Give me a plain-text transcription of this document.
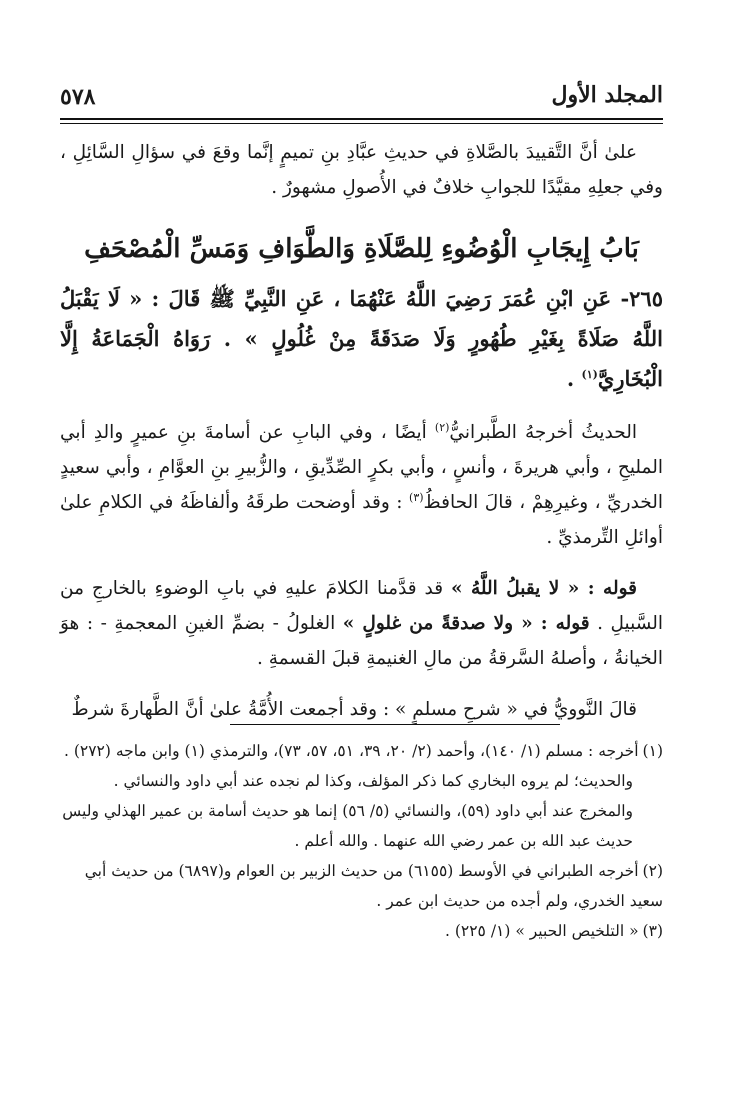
المجلد الأول
٥٧٨

علىٰ أنَّ التَّقييدَ بالصَّلاةِ في حديثِ عبَّادِ بنِ تميمٍ إنَّما وقعَ في سؤالِ السَّائِلِ ، وفي جعلِهِ مقيَّدًا للجوابِ خلافٌ في الأُصولِ مشهورٌ .

بَابُ إِيجَابِ الْوُضُوءِ لِلصَّلَاةِ وَالطَّوَافِ وَمَسِّ الْمُصْحَفِ

٢٦٥- عَنِ ابْنِ عُمَرَ رَضِيَ اللَّهُ عَنْهُمَا ، عَنِ النَّبِيِّ ﷺ قَالَ : « لَا يَقْبَلُ اللَّهُ صَلَاةً بِغَيْرِ طُهُورٍ وَلَا صَدَقَةً مِنْ غُلُولٍ » . رَوَاهُ الْجَمَاعَةُ إِلَّا الْبُخَارِيَّ$^{(١)}$ .

الحديثُ أخرجهُ الطَّبرانيُّ$^{(٢)}$ أيضًا ، وفي البابِ عن أسامةَ بنِ عميرٍ والدِ أبي المليحِ ، وأبي هريرةَ ، وأنسٍ ، وأبي بكرٍ الصِّدِّيقِ ، والزُّبيرِ بنِ العوَّامِ ، وأبي سعيدٍ الخدريِّ ، وغيرِهِمْ ، قالَ الحافظُ$^{(٣)}$ : وقد أوضحت طرقَهُ وألفاظَهُ في الكلامِ علىٰ أوائلِ التِّرمذيِّ .

قوله : « لا يقبلُ اللَّهُ » قد قدَّمنا الكلامَ عليهِ في بابِ الوضوءِ بالخارجِ من السَّبيلِ . قوله : « ولا صدقةً من غلولٍ » الغلولُ - بضمِّ الغينِ المعجمةِ - : هوَ الخيانةُ ، وأصلهُ السَّرقةُ من مالِ الغنيمةِ قبلَ القسمةِ .

قالَ النَّوويُّ في « شرحِ مسلمٍ » : وقد أجمعت الأُمَّةُ علىٰ أنَّ الطَّهارةَ شرطٌ

(١)أخرجه : مسلم (١/ ١٤٠)، وأحمد (٢/ ٢٠، ٣٩، ٥١، ٥٧، ٧٣)، والترمذي (١) وابن ماجه (٢٧٢) .

والحديث؛ لم يروه البخاري كما ذكر المؤلف، وكذا لم نجده عند أبي داود والنسائي .

والمخرج عند أبي داود (٥٩)، والنسائي (٥/ ٥٦) إنما هو حديث أسامة بن عمير الهذلي وليس حديث عبد الله بن عمر رضي الله عنهما . والله أعلم .

(٢)أخرجه الطبراني في الأوسط (٦١٥٥) من حديث الزبير بن العوام و(٦٨٩٧) من حديث أبي سعيد الخدري، ولم أجده من حديث ابن عمر .

(٣)« التلخيص الحبير » (١/ ٢٢٥) .
